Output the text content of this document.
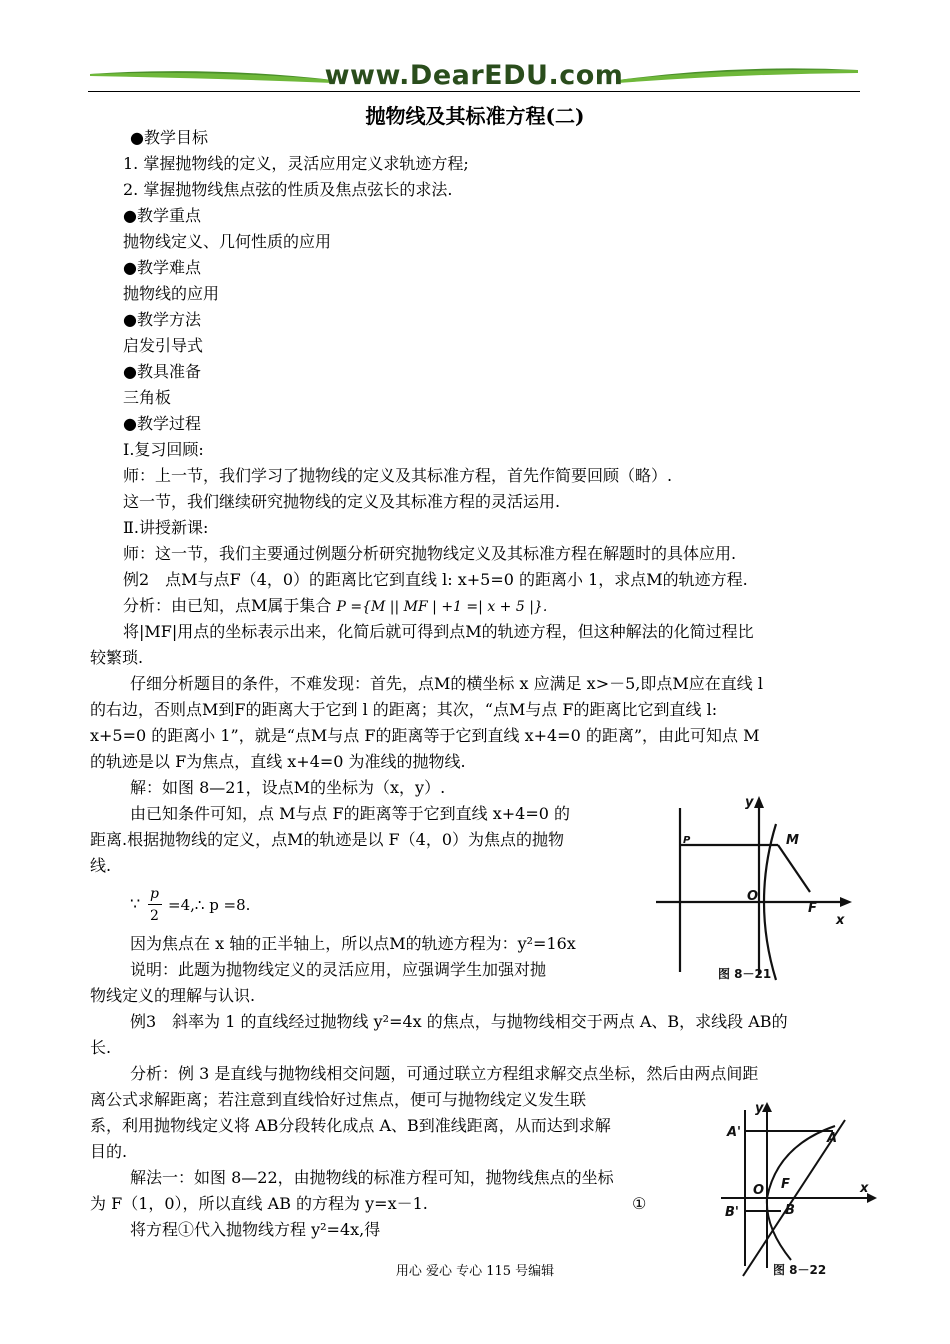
www.DearEDU.com
抛物线及其标准方程(二)
●教学目标
1. 掌握抛物线的定义，灵活应用定义求轨迹方程;
2. 掌握抛物线焦点弦的性质及焦点弦长的求法.
●教学重点
抛物线定义、几何性质的应用
●教学难点
抛物线的应用
●教学方法
启发引导式
●教具准备
三角板
●教学过程
Ⅰ.复习回顾:
师：上一节，我们学习了抛物线的定义及其标准方程，首先作简要回顾（略）.
这一节，我们继续研究抛物线的定义及其标准方程的灵活运用.
Ⅱ.讲授新课:
师：这一节，我们主要通过例题分析研究抛物线定义及其标准方程在解题时的具体应用.
例2　点M与点F（4，0）的距离比它到直线 l: x+5=0 的距离小 1，求点M的轨迹方程.
分析：由已知，点M属于集合 P ={M || MF | +1 =| x + 5 |}.
将|MF|用点的坐标表示出来，化简后就可得到点M的轨迹方程，但这种解法的化简过程比
较繁琐.
仔细分析题目的条件，不难发现：首先，点M的横坐标 x 应满足 x>－5,即点M应在直线 l
的右边，否则点M到F的距离大于它到 l 的距离；其次，“点M与点 F的距离比它到直线 l:
x+5=0 的距离小 1”，就是“点M与点 F的距离等于它到直线 x+4=0 的距离”，由此可知点 M
的轨迹是以 F为焦点，直线 x+4=0 为准线的抛物线.
解：如图 8—21，设点M的坐标为（x，y）.
由已知条件可知，点 M与点 F的距离等于它到直线 x+4=0 的
距离.根据抛物线的定义，点M的轨迹是以 F（4，0）为焦点的抛物
线.
∵ p
2
=4,∴ p =8.
因为焦点在 x 轴的正半轴上，所以点M的轨迹方程为：y²=16x
说明：此题为抛物线定义的灵活应用，应强调学生加强对抛
物线定义的理解与认识.
例3　斜率为 1 的直线经过抛物线 y²=4x 的焦点，与抛物线相交于两点 A、B，求线段 AB的
长.
分析：例 3 是直线与抛物线相交问题，可通过联立方程组求解交点坐标，然后由两点间距
离公式求解距离；若注意到直线恰好过焦点，便可与抛物线定义发生联
系，利用抛物线定义将 AB分段转化成点 A、B到准线距离，从而达到求解
目的.
解法一：如图 8—22，由抛物线的标准方程可知，抛物线焦点的坐标
为 F（1，0），所以直线 AB 的方程为 y=x－1.	①
将方程①代入抛物线方程 y²=4x,得
y
x
M
O
F
P
图 8－21
y
x
A
A'
B
B'
O F
图 8－22
用心 爱心 专心 115 号编辑
